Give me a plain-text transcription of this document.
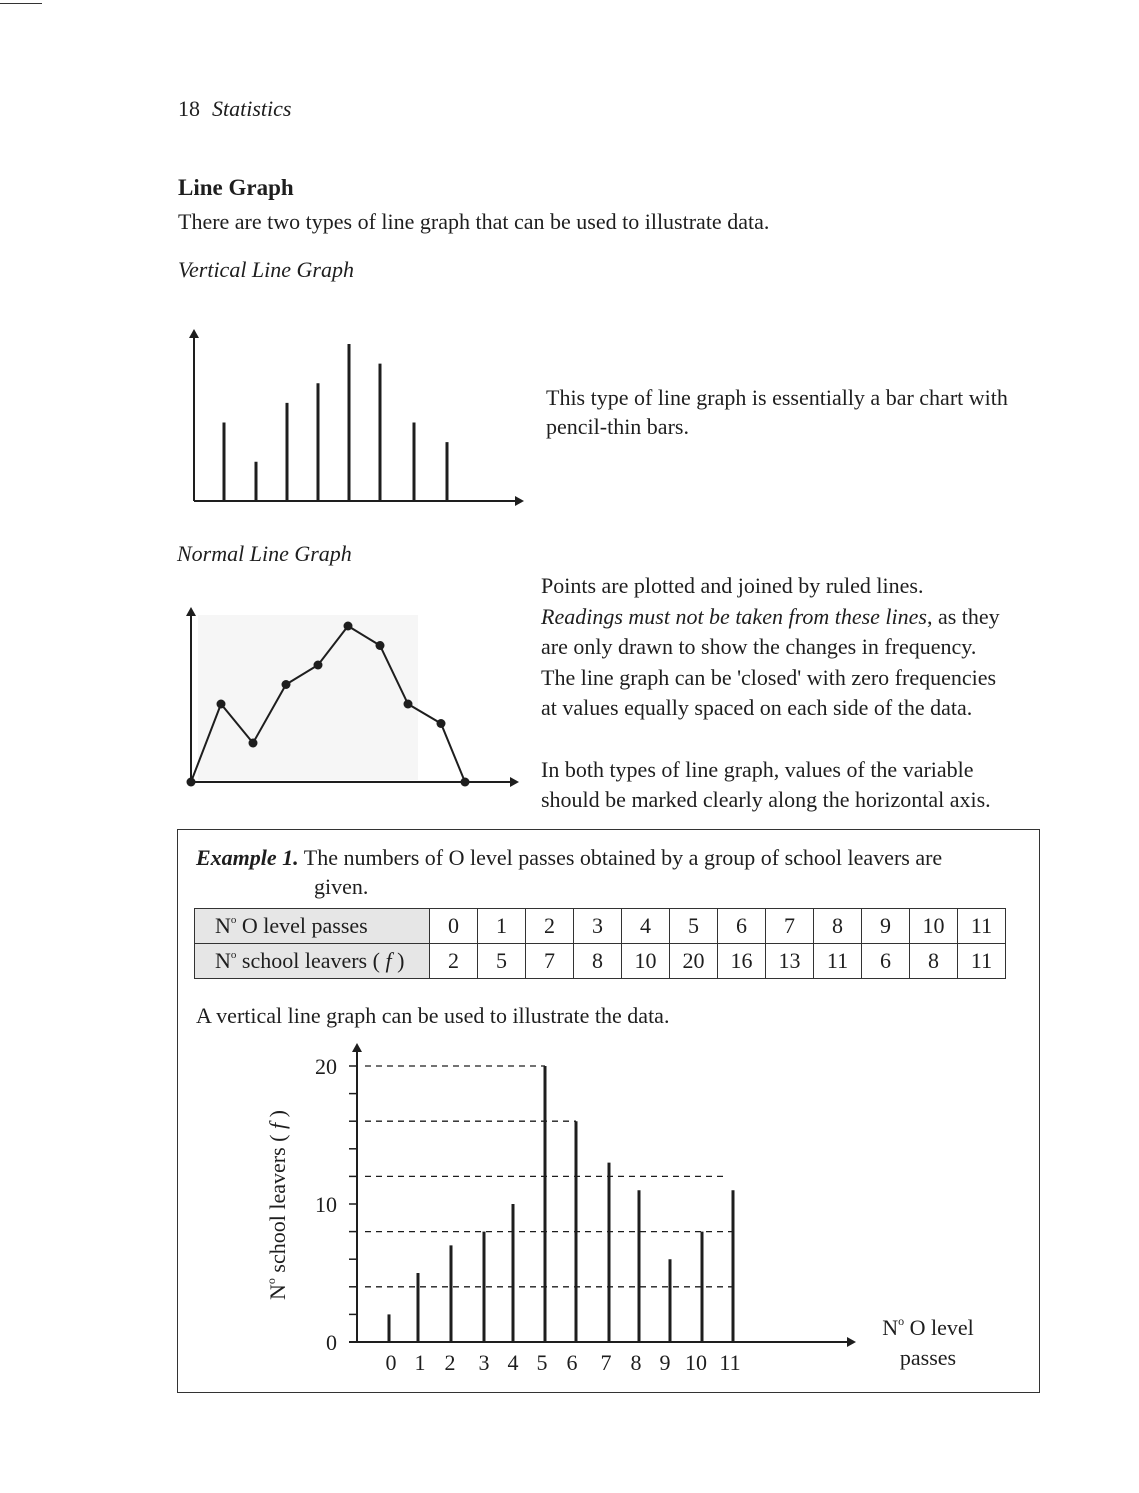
18 Statistics
Line Graph
There are two types of line graph that can be used to illustrate data.
Vertical Line Graph
0
10
20
0 1 2 3 4 5 6 7 8 9 10 11
$N^o$ O level
passes
$N^o$ school leavers ( f )
This type of line graph is essentially a bar chart with
pencil-thin bars.
Normal Line Graph
Points are plotted and joined by ruled lines.
Readings must not be taken from these lines, as they
are only drawn to show the changes in frequency.
The line graph can be 'closed' with zero frequencies
at values equally spaced on each side of the data.
In both types of line graph, values of the variable
should be marked clearly along the horizontal axis.
Example 1. The numbers of O level passes obtained by a group of school leavers are
given.
$N^o$ O level passes	0	1	2	3	4	5	6	7	8	9	10	11
$N^o$ school leavers ( f )	2	5	7	8	10	20	16	13	11	6	8	11
A vertical line graph can be used to illustrate the data.
